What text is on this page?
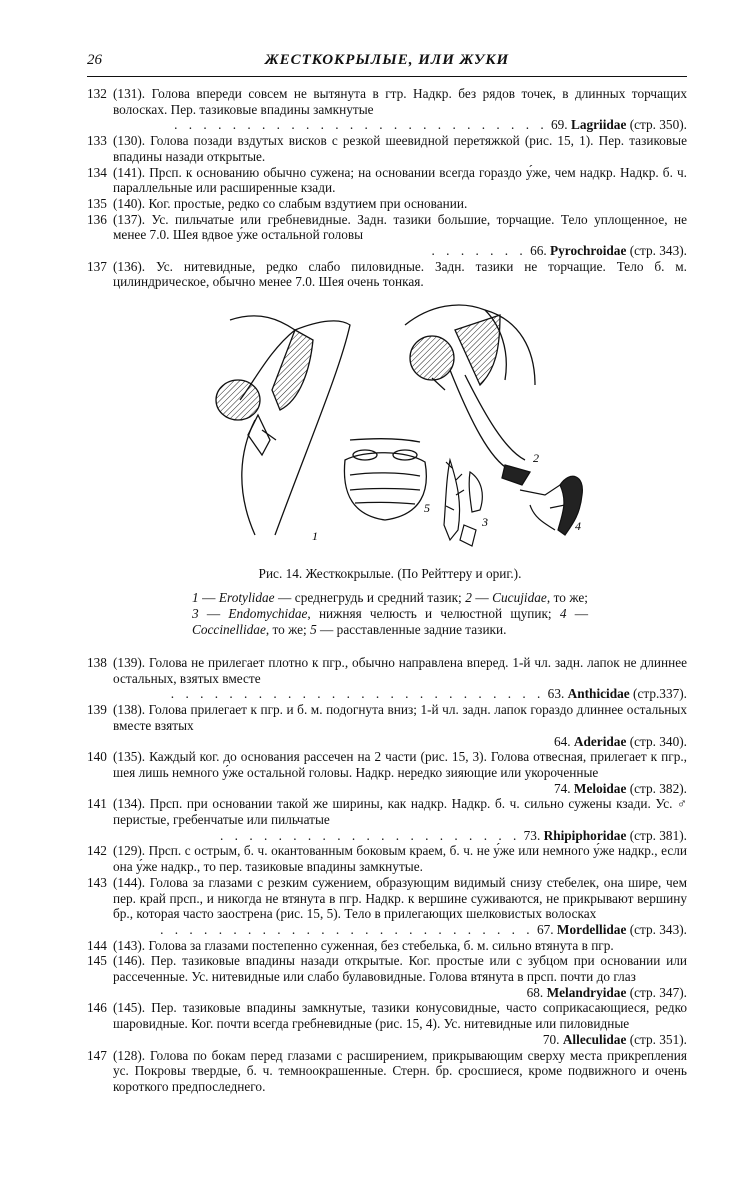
26	ЖЕСТКОКРЫЛЫЕ, ИЛИ ЖУКИ
132 (131). Голова впереди совсем не вытянута в гтр. Надкр. без рядов точек, в длинных торчащих волосках. Пер. тазиковые впадины замкнутые
. . . . . . . . . . . . . . . . . . . . . . . . . . 69. Lagriidae (стр. 350).
133 (130). Голова позади вздутых висков с резкой шеевидной перетяжкой (рис. 15, 1). Пер. тазиковые впадины назади открытые.
134 (141). Прсп. к основанию обычно сужена; на основании всегда гораздо у́же, чем надкр. Надкр. б. ч. параллельные или расширенные кзади.
135 (140). Ког. простые, редко со слабым вздутием при основании.
136 (137). Ус. пильчатые или гребневидные. Задн. тазики большие, торчащие. Тело уплощенное, не менее 7.0. Шея вдвое у́же остальной головы
. . . . . . . 66. Pyrochroidae (стр. 343).
137 (136). Ус. нитевидные, редко слабо пиловидные. Задн. тазики не торчащие. Тело б. м. цилиндрическое, обычно менее 7.0. Шея очень тонкая.
1
2
3	4
5
Рис. 14. Жесткокрылые. (По Рейттеру и ориг.).
1 — Erotylidae — среднегрудь и средний тазик; 2 — Cucujidae, то же; 3 — Endomychidae, нижняя челюсть и челюстной щупик; 4 — Coccinellidae, то же; 5 — расставленные задние тазики.
138 (139). Голова не прилегает плотно к пгр., обычно направлена вперед. 1-й чл. задн. лапок не длиннее остальных, взятых вместе
. . . . . . . . . . . . . . . . . . . . . . . . . . 63. Anthicidae (стр.337).
139 (138). Голова прилегает к пгр. и б. м. подогнута вниз; 1-й чл. задн. лапок гораздо длиннее остальных вместе взятых
64. Aderidae (стр. 340).
140 (135). Каждый ког. до основания рассечен на 2 части (рис. 15, 3). Голова отвесная, прилегает к пгр., шея лишь немного у́же остальной головы. Надкр. нередко зияющие или укороченные
74. Meloidae (стр. 382).
141 (134). Прсп. при основании такой же ширины, как надкр. Надкр. б. ч. сильно сужены кзади. Ус. ♂ перистые, гребенчатые или пильчатые
. . . . . . . . . . . . . . . . . . . . . 73. Rhipiphoridae (стр. 381).
142 (129). Прсп. с острым, б. ч. окантованным боковым краем, б. ч. не у́же или немного у́же надкр., если она у́же надкр., то пер. тазиковые впадины замкнутые.
143 (144). Голова за глазами с резким сужением, образующим видимый снизу стебелек, она шире, чем пер. край прсп., и никогда не втянута в пгр. Надкр. к вершине суживаются, не прикрывают вершину бр., которая часто заострена (рис. 15, 5). Тело в прилегающих шелковистых волосках
. . . . . . . . . . . . . . . . . . . . . . . . . . 67. Mordellidae (стр. 343).
144 (143). Голова за глазами постепенно суженная, без стебелька, б. м. сильно втянута в пгр.
145 (146). Пер. тазиковые впадины назади открытые. Ког. простые или с зубцом при основании или рассеченные. Ус. нитевидные или слабо булавовидные. Голова втянута в прсп. почти до глаз
68. Melandryidae (стр. 347).
146 (145). Пер. тазиковые впадины замкнутые, тазики конусовидные, часто соприкасающиеся, редко шаровидные. Ког. почти всегда гребневидные (рис. 15, 4). Ус. нитевидные или пиловидные
70. Alleculidae (стр. 351).
147 (128). Голова по бокам перед глазами с расширением, прикрывающим сверху места прикрепления ус. Покровы твердые, б. ч. темноокрашенные. Стерн. бр. сросшиеся, кроме подвижного и очень короткого предпоследнего.
